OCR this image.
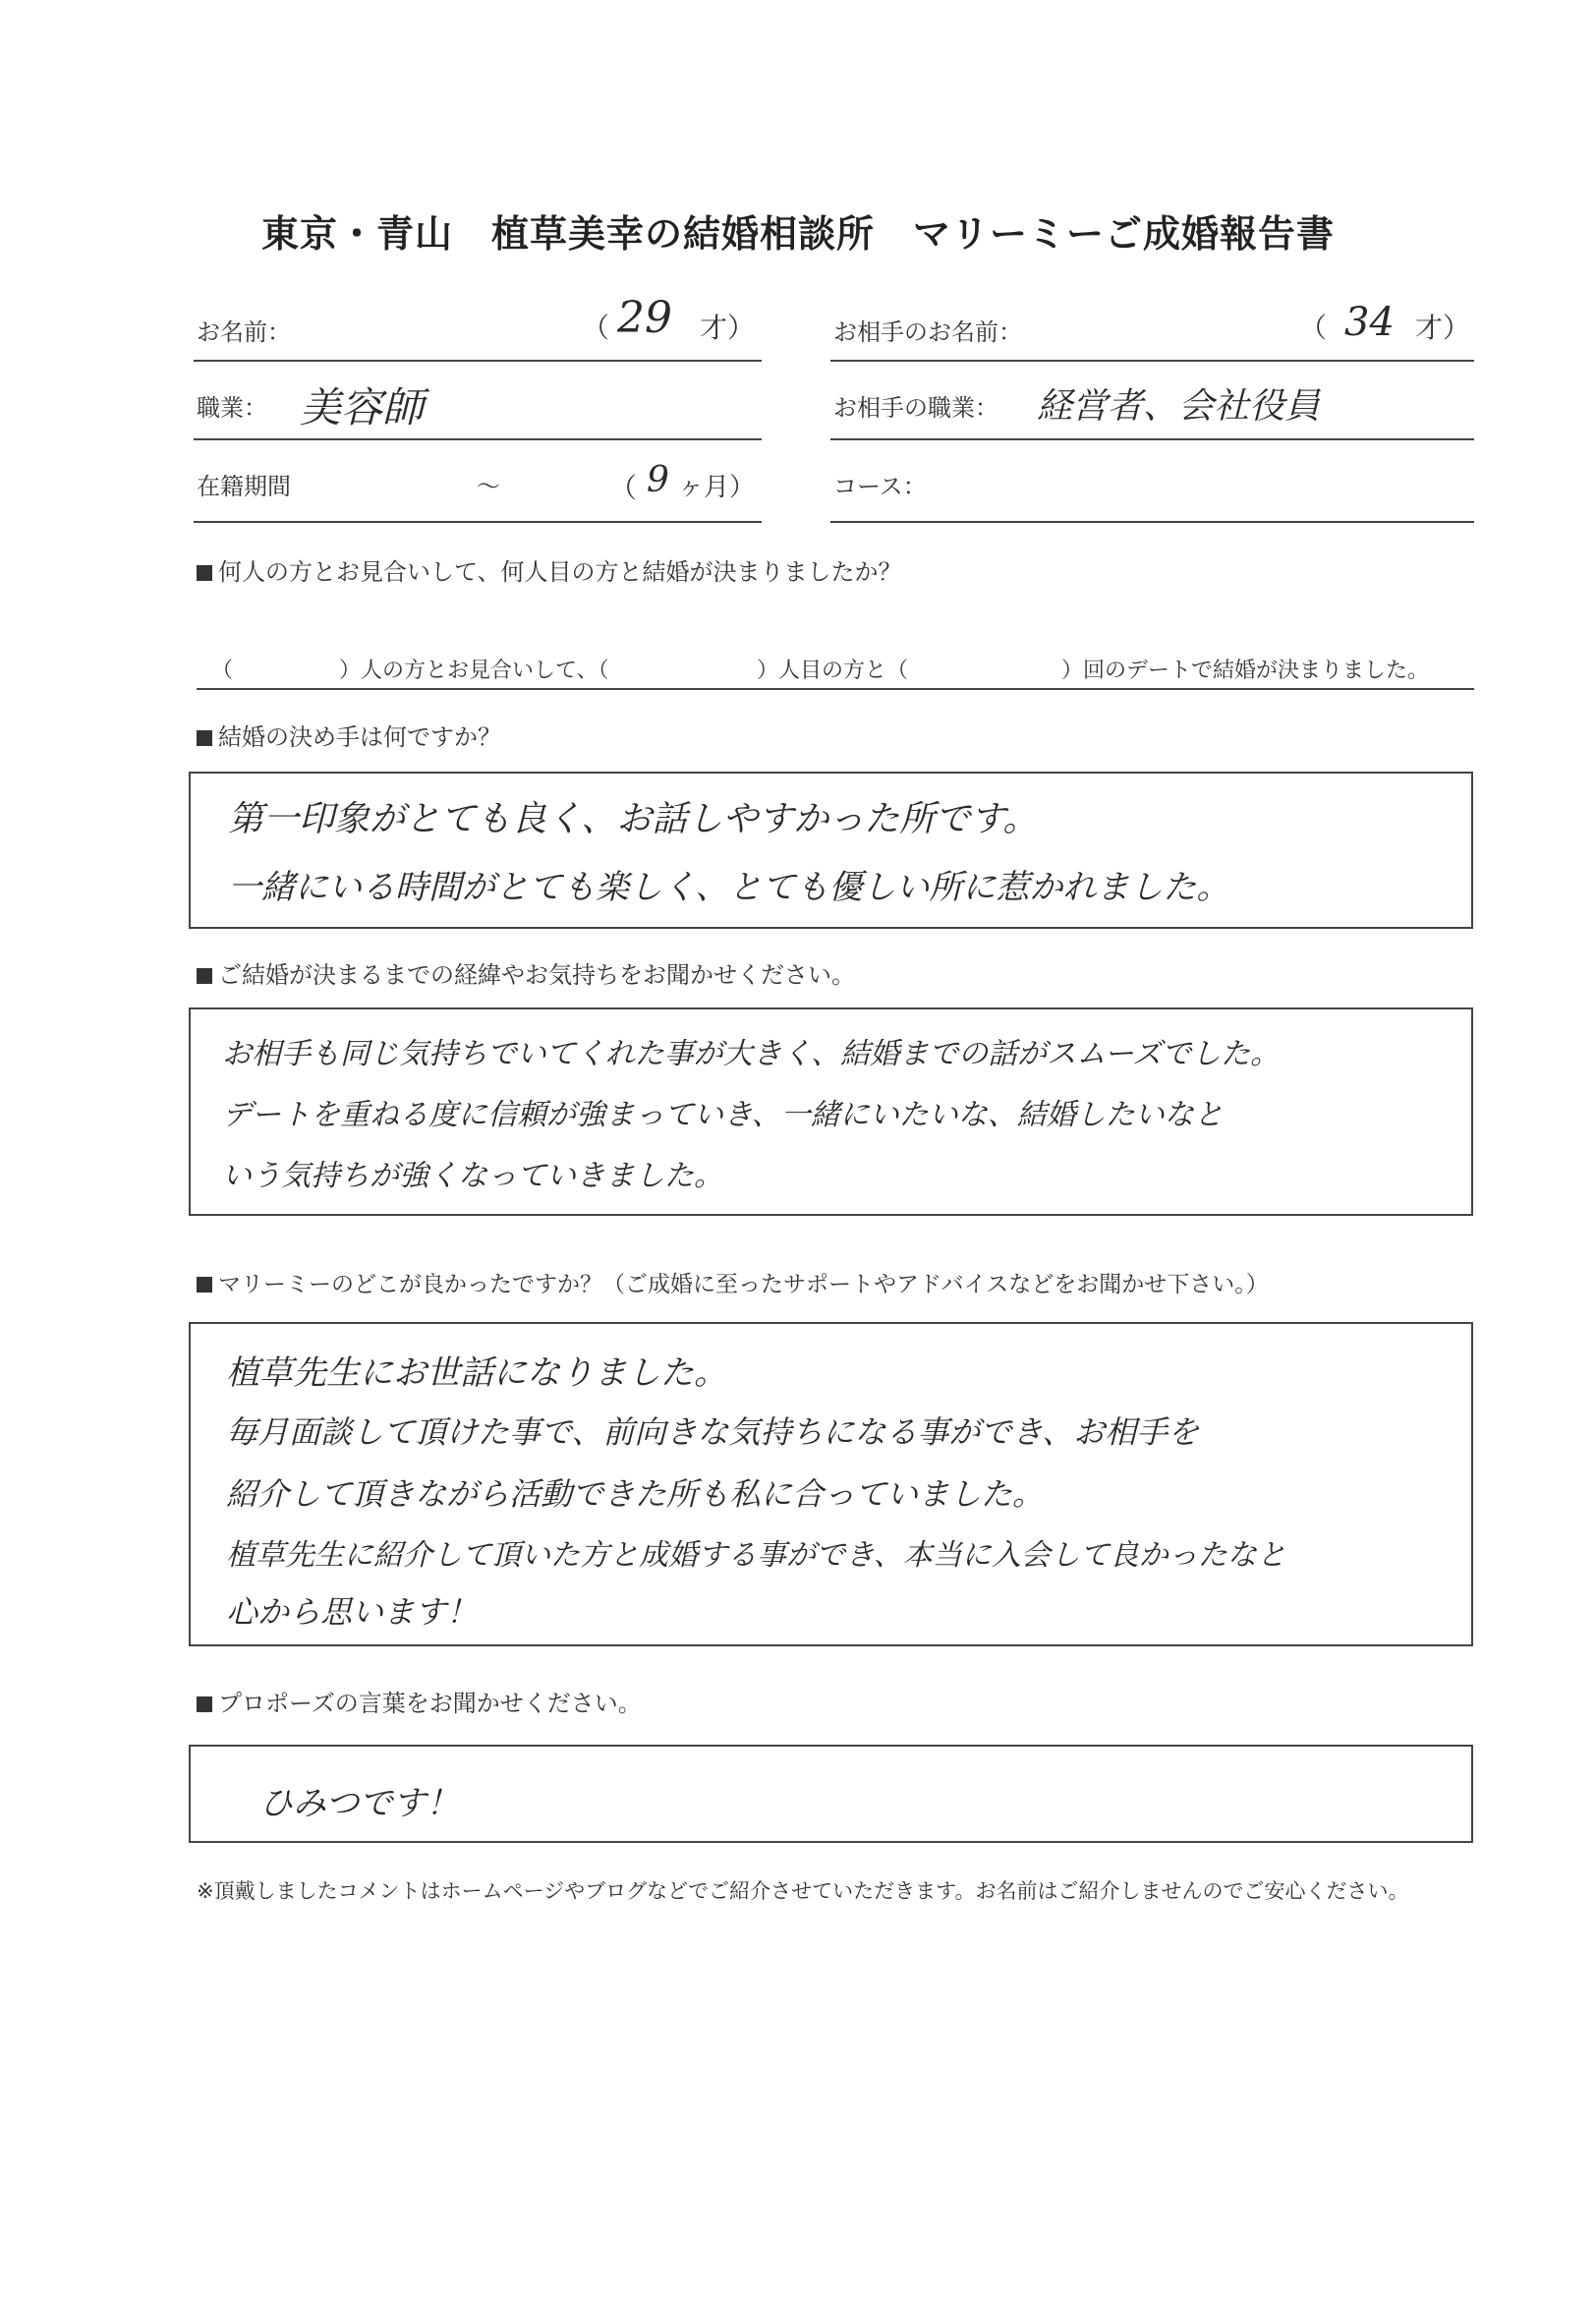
東京・青山　植草美幸の結婚相談所　マリーミーご成婚報告書
お名前：	（ 29 才）	お相手のお名前：	（ 34 才）
職業： 美容師	お相手の職業： 経営者、会社役員
在籍期間	〜	（ 9 ヶ月）	コース：
何人の方とお見合いして、何人目の方と結婚が決まりましたか？
（	）人の方とお見合いして、（	）人目の方と（	）回のデートで結婚が決まりました。
結婚の決め手は何ですか？
第一印象がとても良く、お話しやすかった所です。
一緒にいる時間がとても楽しく、とても優しい所に惹かれました。
ご結婚が決まるまでの経緯やお気持ちをお聞かせください。
お相手も同じ気持ちでいてくれた事が大きく、結婚までの話がスムーズでした。
デートを重ねる度に信頼が強まっていき、一緒にいたいな、結婚したいなと
いう気持ちが強くなっていきました。
マリーミーのどこが良かったですか？（ご成婚に至ったサポートやアドバイスなどをお聞かせ下さい。）
植草先生にお世話になりました。
毎月面談して頂けた事で、前向きな気持ちになる事ができ、お相手を
紹介して頂きながら活動できた所も私に合っていました。
植草先生に紹介して頂いた方と成婚する事ができ、本当に入会して良かったなと
心から思います！
プロポーズの言葉をお聞かせください。
ひみつです！
※頂戴しましたコメントはホームページやブログなどでご紹介させていただきます。お名前はご紹介しませんのでご安心ください。
